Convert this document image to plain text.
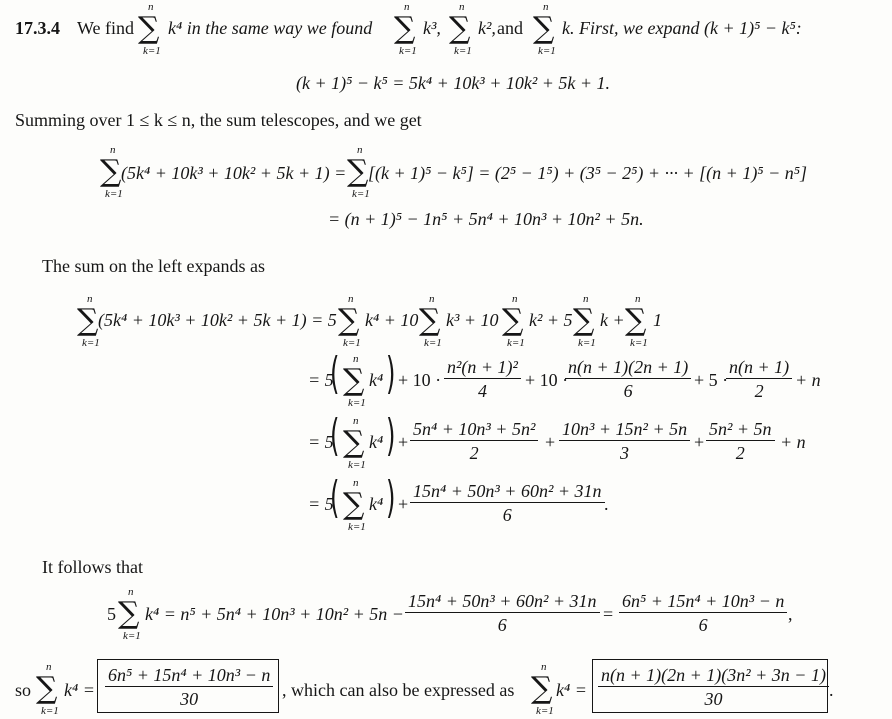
17.3.4 We find
n
∑
k=1
k⁴ in the same way we found
n
∑
k=1
k³,
n
∑
k=1
k², and
n
∑
k=1
k. First, we expand (k + 1)⁵ − k⁵:
(k + 1)⁵ − k⁵ = 5k⁴ + 10k³ + 10k² + 5k + 1.
Summing over 1 ≤ k ≤ n, the sum telescopes, and we get
n
∑
k=1
(5k⁴ + 10k³ + 10k² + 5k + 1) =
n
∑
k=1
[(k + 1)⁵ − k⁵] = (2⁵ − 1⁵) + (3⁵ − 2⁵) + ··· + [(n + 1)⁵ − n⁵]
= (n + 1)⁵ − 1n⁵ + 5n⁴ + 10n³ + 10n² + 5n.
The sum on the left expands as
n
∑
k=1
(5k⁴ + 10k³ + 10k² + 5k + 1) = 5
n
∑
k=1
k⁴ + 10
n
∑
k=1
k³ + 10
n
∑
k=1
k² + 5
n
∑
k=1
k +
n
∑
k=1
1
= 5
( n
∑
k=1
k⁴ ) + $10 \cdot \frac{\text{n²(n + 1)²}}{4} + 10$ ·
$\frac{n(n + 1)(2n + 1)}{6} + 5$ ·
$\frac{n(n + 1)}{2} + n$
= 5
( n
∑
k=1
k⁴ ) + $\frac{\text{5n⁴ + 10n³ + 5n²}}{2} + \frac{\text{10n³ + 15n² + 5n}}{3} + \frac{\text{5n² + 5n}}{2} + n$
= 5
( n
∑
k=1
k⁴ ) + $\frac{\text{15n⁴ + 50n³ + 60n² + 31n}}{6}$ .
It follows that
5
n
∑
k=1
$k^4 = n^5 + 5n^4 + 10n^3 + 10n^2 + 5n - \frac{\text{15n⁴ + 50n³ + 60n² + 31n}}{6} = \frac{\text{6n⁵ + 15n⁴ + 10n³ − n}}{6}$ ,
so
n
∑
k=1
$k^4 = \frac{\text{6n⁵ + 15n⁴ + 10n³ − n}}{30}$ , which can also be expressed as
n
∑
k=1
$k^4 = \frac{\text{n(n + 1)(2n + 1)(3n² + 3n − 1)}}{30}$ .
